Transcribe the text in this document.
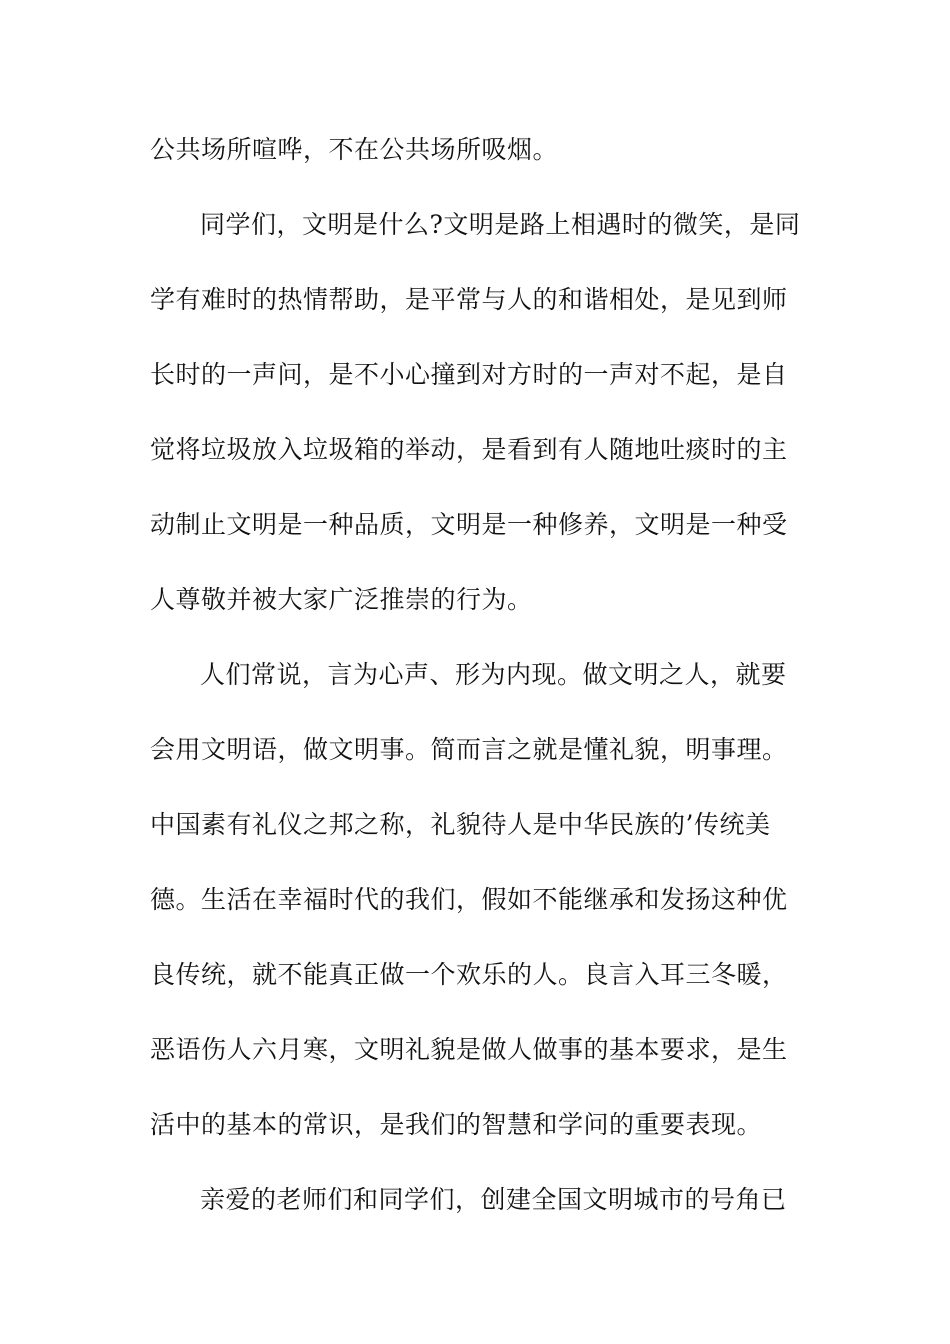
公共场所喧哗，不在公共场所吸烟。
同学们，文明是什么?文明是路上相遇时的微笑，是同
学有难时的热情帮助，是平常与人的和谐相处，是见到师
长时的一声问，是不小心撞到对方时的一声对不起，是自
觉将垃圾放入垃圾箱的举动，是看到有人随地吐痰时的主
动制止文明是一种品质，文明是一种修养，文明是一种受
人尊敬并被大家广泛推崇的行为。
人们常说，言为心声、形为内现。做文明之人，就要
会用文明语，做文明事。简而言之就是懂礼貌，明事理。
中国素有礼仪之邦之称，礼貌待人是中华民族的’传统美
德。生活在幸福时代的我们，假如不能继承和发扬这种优
良传统，就不能真正做一个欢乐的人。良言入耳三冬暖，
恶语伤人六月寒，文明礼貌是做人做事的基本要求，是生
活中的基本的常识，是我们的智慧和学问的重要表现。
亲爱的老师们和同学们，创建全国文明城市的号角已
